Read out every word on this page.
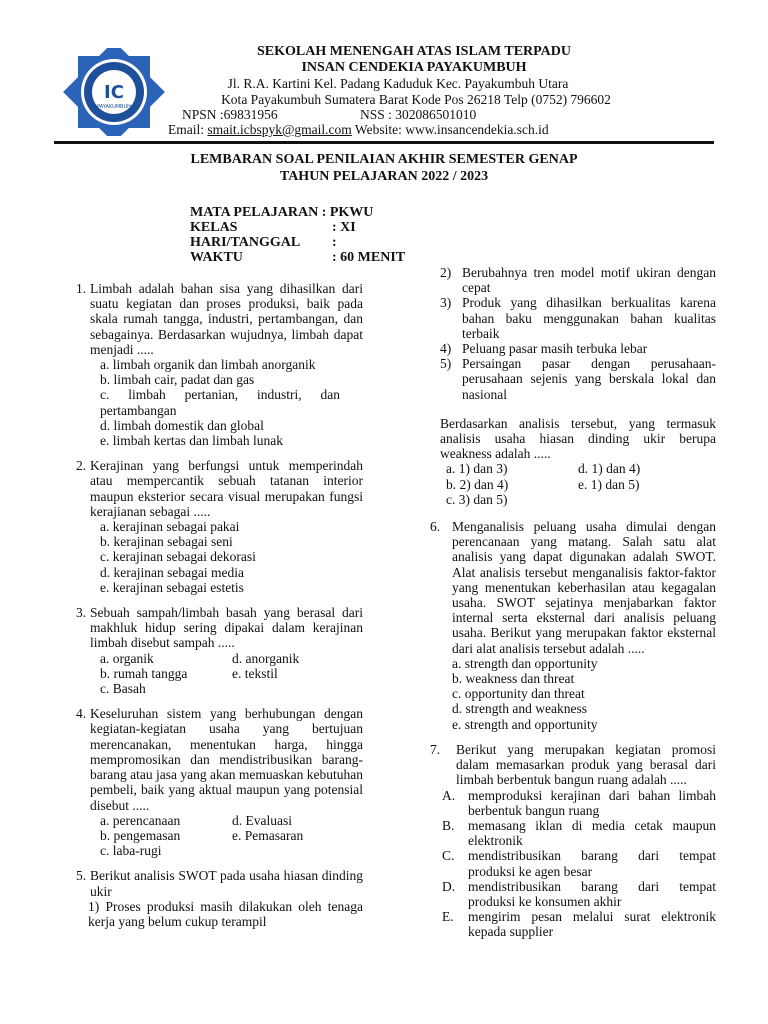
IC
PAYAKUMBUH
SEKOLAH MENENGAH ATAS ISLAM TERPADU
INSAN CENDEKIA PAYAKUMBUH
Jl. R.A. Kartini Kel. Padang Kaduduk Kec. Payakumbuh Utara
Kota Payakumbuh Sumatera Barat Kode Pos 26218 Telp (0752) 796602
NPSN :69831956	NSS : 302086501010
Email: smait.icbspyk@gmail.com Website: www.insancendekia.sch.id
LEMBARAN SOAL PENILAIAN AKHIR SEMESTER GENAP
TAHUN PELAJARAN 2022 / 2023
MATA PELAJARAN : PKWU
KELAS	: XI
HARI/TANGGAL :
WAKTU	: 60 MENIT
1. Limbah adalah bahan sisa yang dihasilkan dari suatu kegiatan dan proses produksi, baik pada skala rumah tangga, industri, pertambangan, dan sebagainya. Berdasarkan wujudnya, limbah dapat menjadi .....

a. limbah organik dan limbah anorganik
b. limbah cair, padat dan gas
c. limbah pertanian, industri, dan pertambangan
d. limbah domestik dan global
e. limbah kertas dan limbah lunak
2. Kerajinan yang berfungsi untuk memperindah atau mempercantik sebuah tatanan interior maupun eksterior secara visual merupakan fungsi kerajianan sebagai .....

a. kerajinan sebagai pakai
b. kerajinan sebagai seni
c. kerajinan sebagai dekorasi
d. kerajinan sebagai media
e. kerajinan sebagai estetis
3. Sebuah sampah/limbah basah yang berasal dari makhluk hidup sering dipakai dalam kerajinan limbah disebut sampah .....

a. organik	d. anorganik
b. rumah tangga	e. tekstil
c. Basah
4. Keseluruhan sistem yang berhubungan dengan kegiatan-kegiatan usaha yang bertujuan merencanakan, menentukan harga, hingga mempromosikan dan mendistribusikan barang-barang atau jasa yang akan memuaskan kebutuhan pembeli, baik yang aktual maupun yang potensial disebut .....

a. perencanaan	d. Evaluasi
b. pengemasan	e. Pemasaran
c. laba-rugi
5. Berikut analisis SWOT pada usaha hiasan dinding ukir

1) Proses produksi masih dilakukan oleh tenaga kerja yang belum cukup terampil
2) Berubahnya tren model motif ukiran dengan cepat
3) Produk yang dihasilkan berkualitas karena bahan baku menggunakan bahan kualitas terbaik
4) Peluang pasar masih terbuka lebar
5) Persaingan pasar dengan perusahaan-perusahaan sejenis yang berskala lokal dan nasional
Berdasarkan analisis tersebut, yang termasuk analisis usaha hiasan dinding ukir berupa weakness adalah .....
a. 1) dan 3)	d. 1) dan 4)
b. 2) dan 4)	e. 1) dan 5)
c. 3) dan 5)
6. Menganalisis peluang usaha dimulai dengan perencanaan yang matang. Salah satu alat analisis yang dapat digunakan adalah SWOT. Alat analisis tersebut menganalisis faktor-faktor yang menentukan keberhasilan atau kegagalan usaha. SWOT sejatinya menjabarkan faktor internal serta eksternal dari analisis peluang usaha. Berikut yang merupakan faktor eksternal dari alat analisis tersebut adalah .....

a. strength dan opportunity
b. weakness dan threat
c. opportunity dan threat
d. strength and weakness
e. strength and opportunity
7.	Berikut yang merupakan kegiatan promosi dalam memasarkan produk yang berasal dari limbah berbentuk bangun ruang adalah .....

A. memproduksi kerajinan dari bahan limbah berbentuk bangun ruang
B.	memasang iklan di media cetak maupun elektronik
C.	mendistribusikan barang dari tempat produksi ke agen besar
D. mendistribusikan barang dari tempat produksi ke konsumen akhir
E.	mengirim pesan melalui surat elektronik kepada supplier
